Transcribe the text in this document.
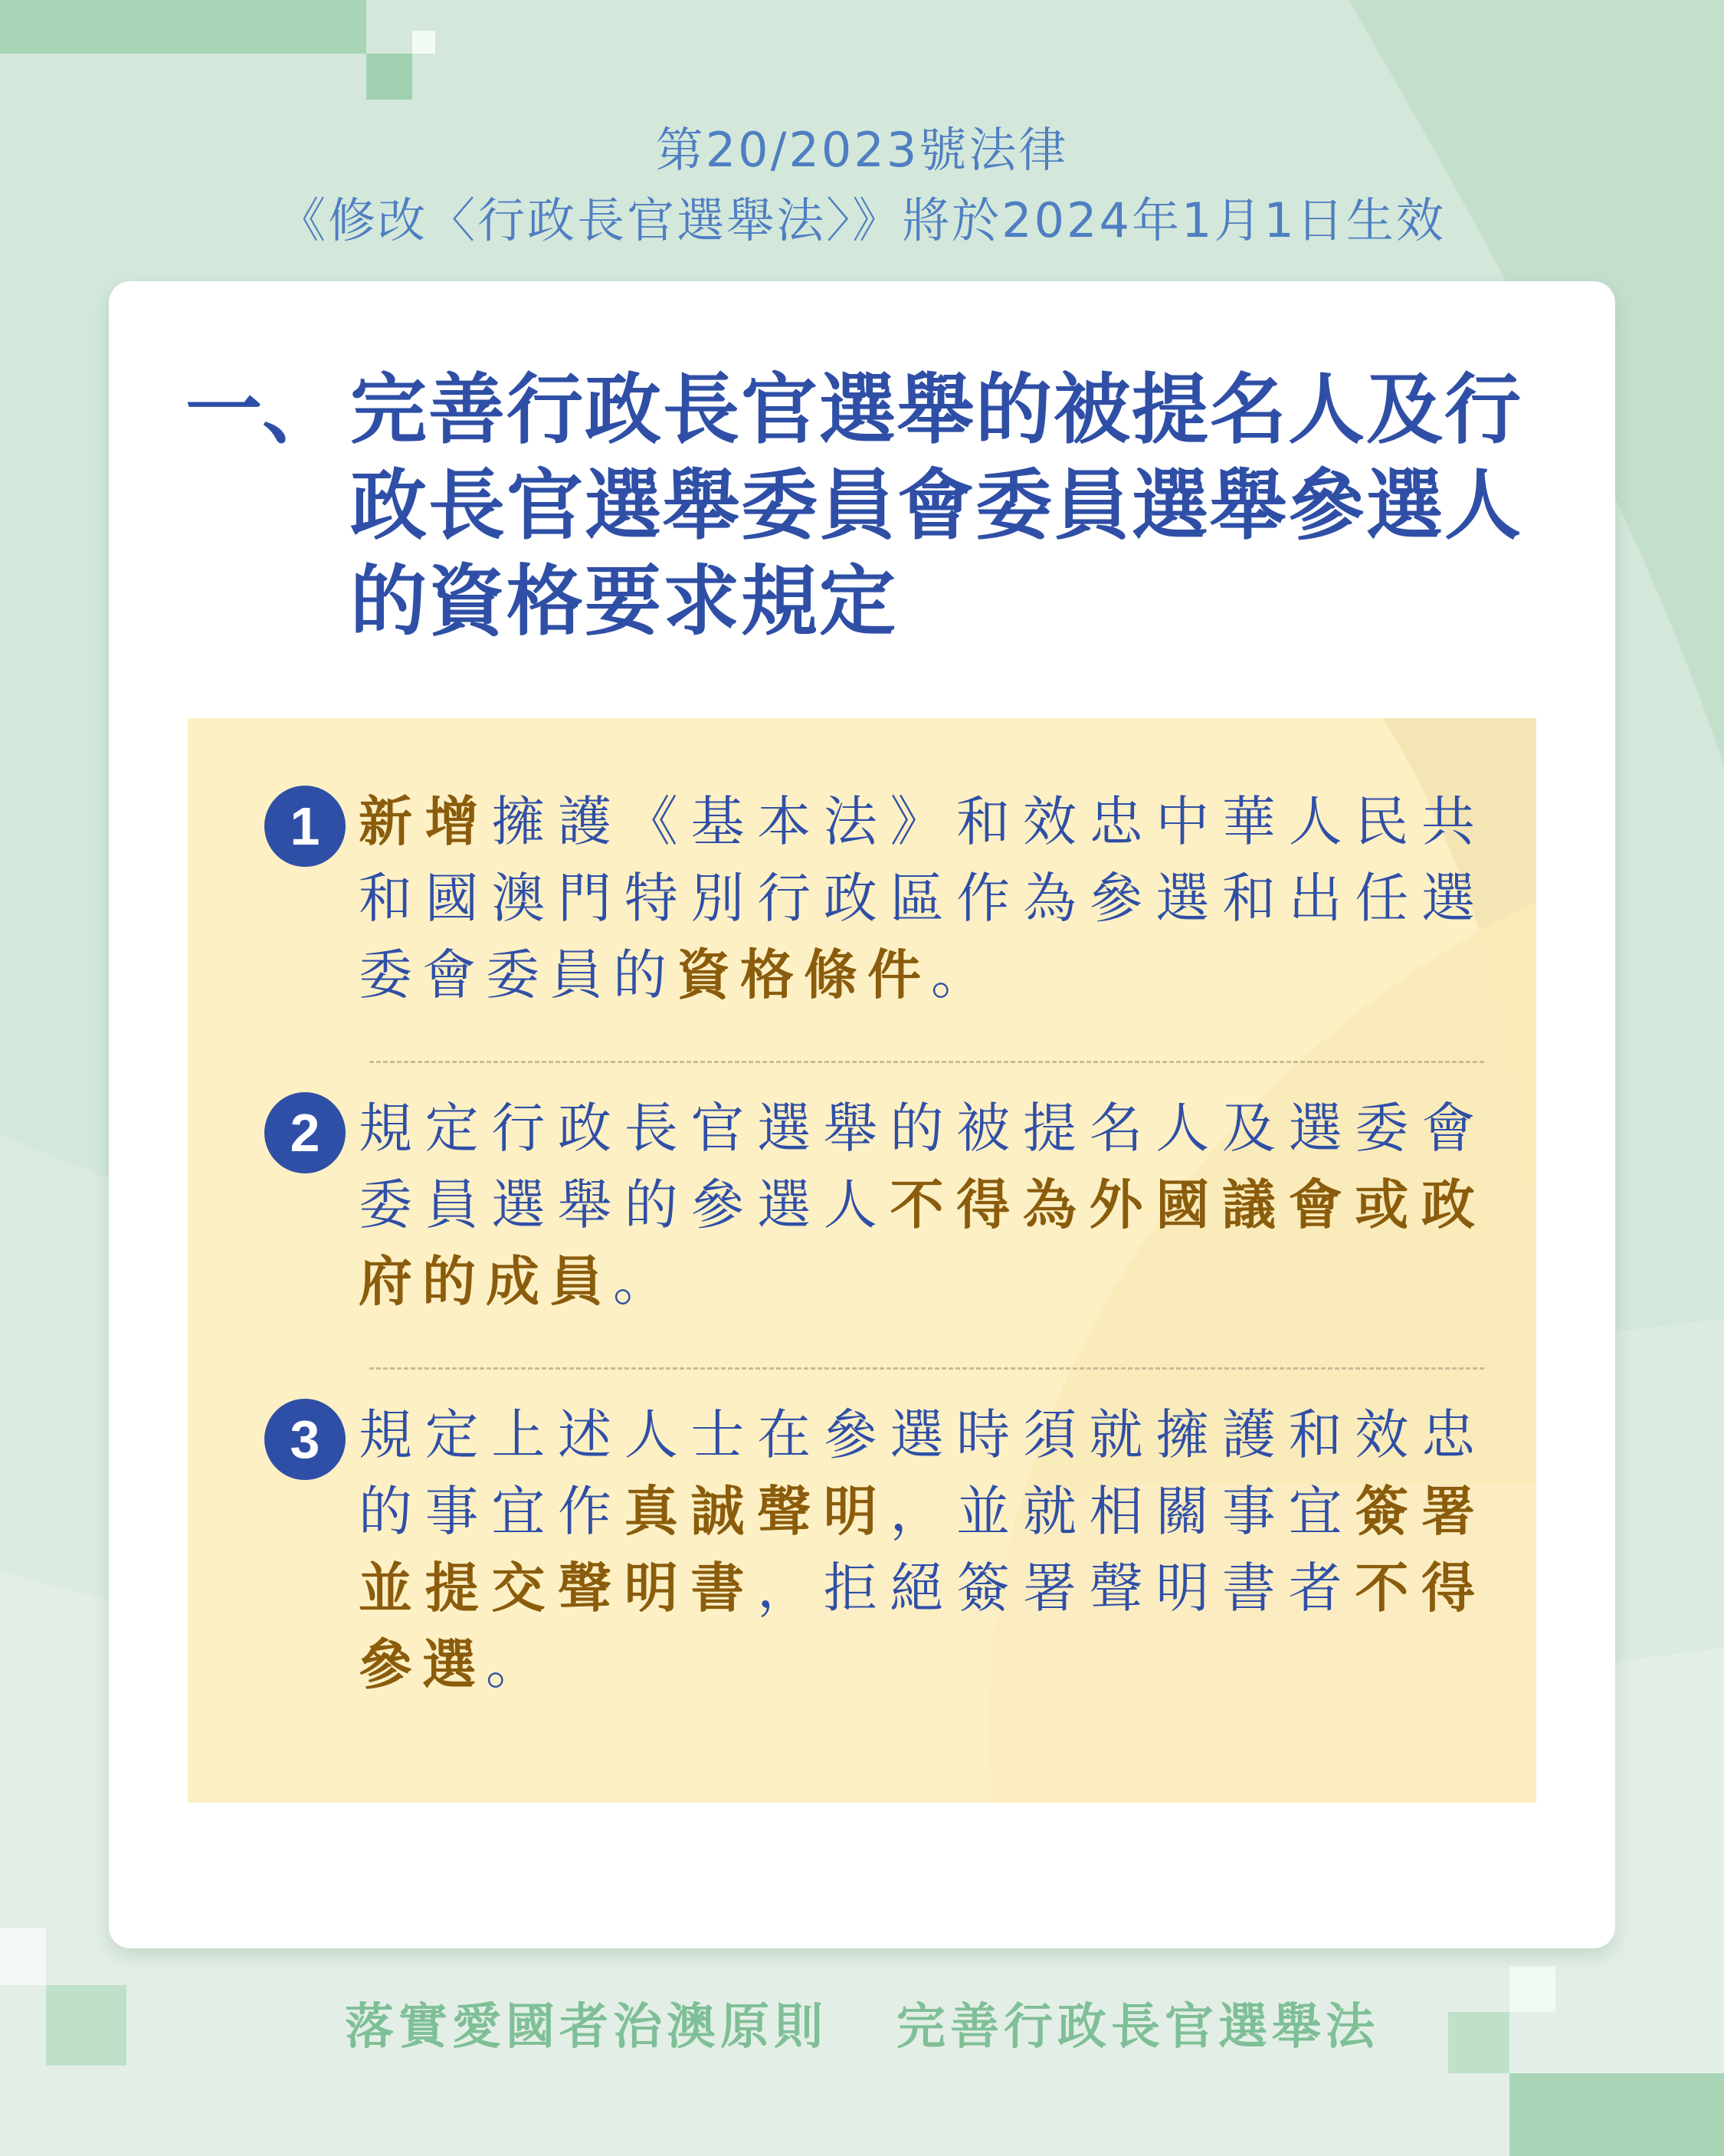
第20/2023號法律
《修改〈行政長官選舉法〉》將於2024年1月1日生效
一、 完善行政長官選舉的被提名人及行政長官選舉委員會委員選舉參選人的資格要求規定
1 新增擁護《基本法》和效忠中華人民共和國澳門特別行政區作為參選和出任選委會委員的資格條件。
2 規定行政長官選舉的被提名人及選委會委員選舉的參選人不得為外國議會或政府的成員。
3 規定上述人士在參選時須就擁護和效忠的事宜作真誠聲明，並就相關事宜簽署並提交聲明書，拒絕簽署聲明書者不得參選。
落實愛國者治澳原則 完善行政長官選舉法
